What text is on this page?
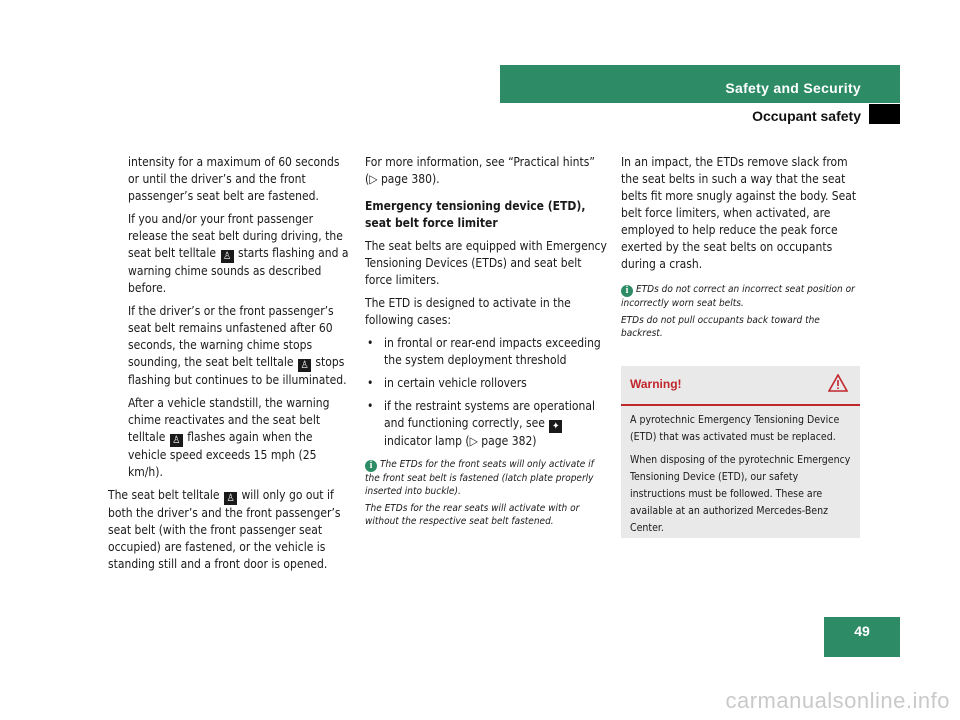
Safety and Security
Occupant safety

intensity for a maximum of 60 seconds or until the driver’s and the front passenger’s seat belt are fastened.

If you and/or your front passenger release the seat belt during driving, the seat belt telltale ♙ starts flashing and a warning chime sounds as described before.

If the driver’s or the front passenger’s seat belt remains unfastened after 60 seconds, the warning chime stops sounding, the seat belt telltale ♙ stops flashing but continues to be illuminated.

After a vehicle standstill, the warning chime reactivates and the seat belt telltale ♙ flashes again when the vehicle speed exceeds 15 mph (25 km/h).

The seat belt telltale ♙ will only go out if both the driver’s and the front passenger’s seat belt (with the front passenger seat occupied) are fastened, or the vehicle is standing still and a front door is opened.

For more information, see “Practical hints” (▷ page 380).

Emergency tensioning device (ETD), seat belt force limiter

The seat belts are equipped with Emergency Tensioning Devices (ETDs) and seat belt force limiters.

The ETD is designed to activate in the following cases:

• in frontal or rear-end impacts exceeding the system deployment threshold
• in certain vehicle rollovers
• if the restraint systems are operational and functioning correctly, see ✦ indicator lamp (▷ page 382)

i The ETDs for the front seats will only activate if the front seat belt is fastened (latch plate properly inserted into buckle).

The ETDs for the rear seats will activate with or without the respective seat belt fastened.

In an impact, the ETDs remove slack from the seat belts in such a way that the seat belts fit more snugly against the body. Seat belt force limiters, when activated, are employed to help reduce the peak force exerted by the seat belts on occupants during a crash.

i ETDs do not correct an incorrect seat position or incorrectly worn seat belts.

ETDs do not pull occupants back toward the backrest.

Warning!

A pyrotechnic Emergency Tensioning Device (ETD) that was activated must be replaced.

When disposing of the pyrotechnic Emergency Tensioning Device (ETD), our safety instructions must be followed. These are available at an authorized Mercedes-Benz Center.

49
carmanualsonline.info
